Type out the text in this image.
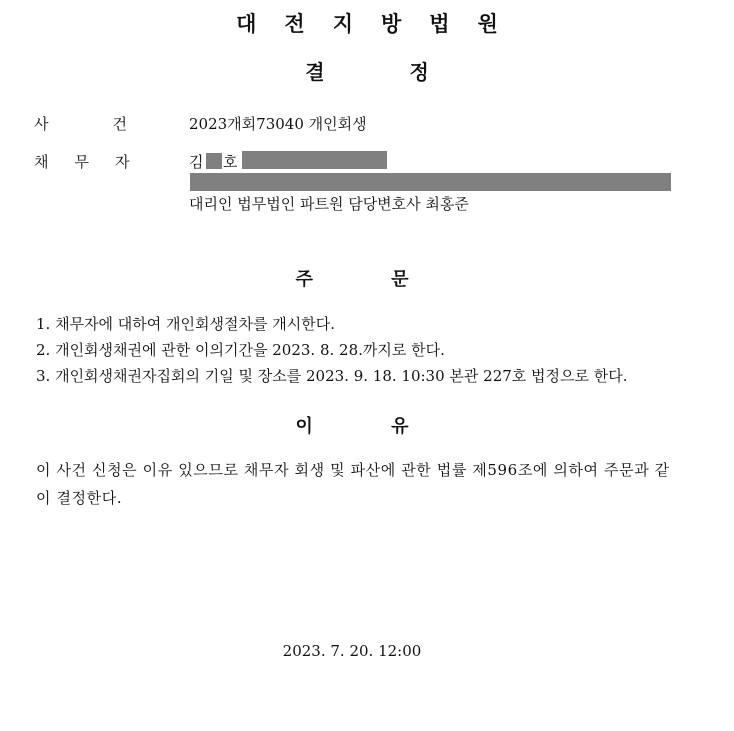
대전지방법원
결 정
사건
2023개회73040 개인회생
채무자 김 호
대리인 법무법인 파트원 담당변호사 최홍준
주 문
1. 채무자에 대하여 개인회생절차를 개시한다.
2. 개인회생채권에 관한 이의기간을 2023. 8. 28.까지로 한다.
3. 개인회생채권자집회의 기일 및 장소를 2023. 9. 18. 10:30 본관 227호 법정으로 한다.
이 유
이 사건 신청은 이유 있으므로 채무자 회생 및 파산에 관한 법률 제596조에 의하여 주문과 같이 결정한다.
2023. 7. 20. 12:00
